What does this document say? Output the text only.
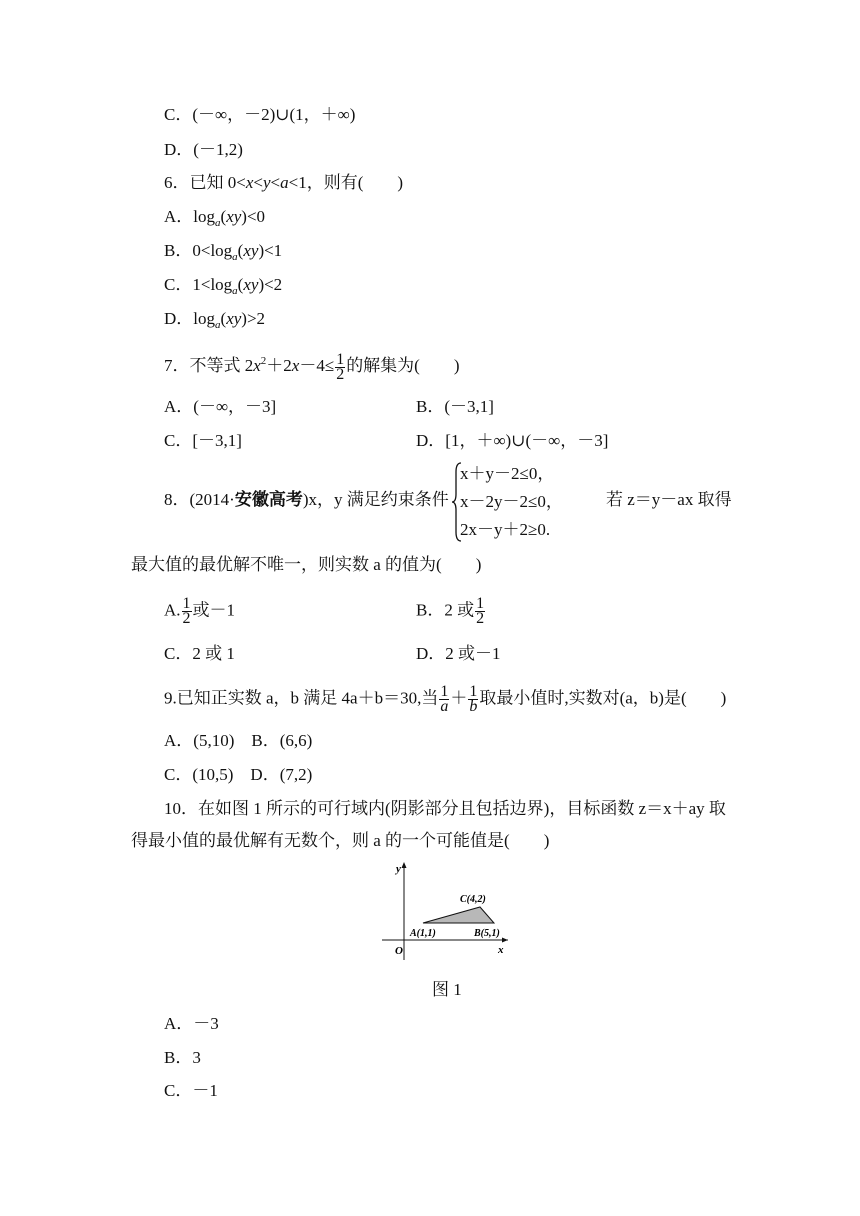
C．(－∞，－2)∪(1，＋∞)
D．(－1,2)
6．已知 0<x<y<a<1，则有(　　)
A．$\log_a(xy)<0$
B．$0<\log_a(xy)<1$
C．$1<\log_a(xy)<2$
D．$\log_a(xy)>2$
7．不等式 $2x^2+2x-4\le \frac{1}{2}$ 的解集为(　　)
A．(－∞，－3]	B．(－3,1]
C．[－3,1]	D．[1，＋∞)∪(－∞，－3]
8．(2014·安徽高考)x，y 满足约束条件
x＋y－2≤0，
x－2y－2≤0，
2x－y＋2≥0.
若 z＝y－ax 取得
最大值的最优解不唯一，则实数 a 的值为(　　)
A. $\frac{1}{2}$ 或－1	B．2 或 $\frac{1}{2}$
C．2 或 1	D．2 或－1
9.已知正实数 a，b 满足 4a＋b＝30,当 $\frac{1}{a} + \frac{1}{b}$ 取最小值时,实数对(a，b)是(　　)
A．(5,10)　B．(6,6)
C．(10,5)　D．(7,2)
10．在如图 1 所示的可行域内(阴影部分且包括边界)，目标函数 z＝x＋ay 取
得最小值的最优解有无数个，则 a 的一个可能值是(　　)
y
x
O
A(1,1)	B(5,1)
C(4,2)
图 1
A．－3
B．3
C．－1
